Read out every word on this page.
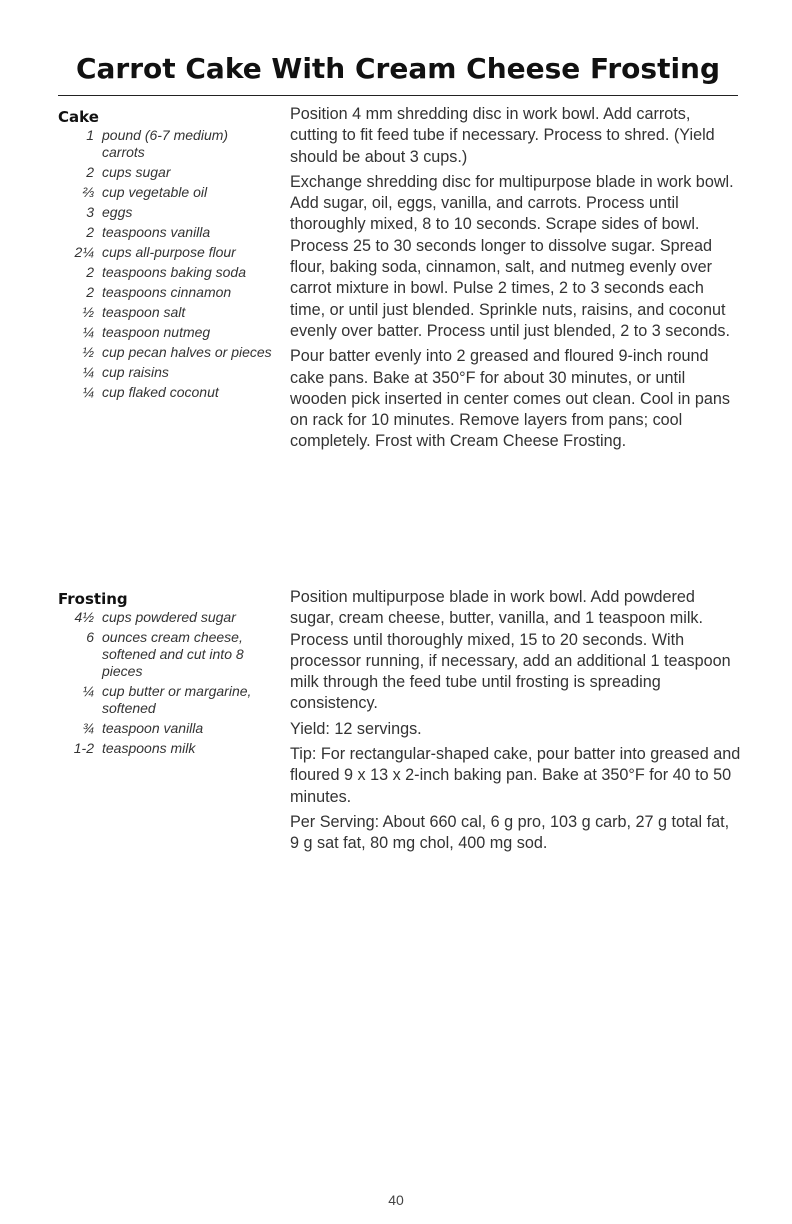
Carrot Cake With Cream Cheese Frosting
Cake
1 pound (6-7 medium) carrots
2 cups sugar
⅔ cup vegetable oil
3 eggs
2 teaspoons vanilla
2¼ cups all-purpose flour
2 teaspoons baking soda
2 teaspoons cinnamon
½ teaspoon salt
¼ teaspoon nutmeg
½ cup pecan halves or pieces
¼ cup raisins
¼ cup flaked coconut

Position 4 mm shredding disc in work bowl. Add carrots, cutting to fit feed tube if necessary. Process to shred. (Yield should be about 3 cups.)

Exchange shredding disc for multipurpose blade in work bowl. Add sugar, oil, eggs, vanilla, and carrots. Process until thoroughly mixed, 8 to 10 seconds. Scrape sides of bowl. Process 25 to 30 seconds longer to dissolve sugar. Spread flour, baking soda, cinnamon, salt, and nutmeg evenly over carrot mixture in bowl. Pulse 2 times, 2 to 3 seconds each time, or until just blended. Sprinkle nuts, raisins, and coconut evenly over batter. Process until just blended, 2 to 3 seconds.

Pour batter evenly into 2 greased and floured 9-inch round cake pans. Bake at 350°F for about 30 minutes, or until wooden pick inserted in center comes out clean. Cool in pans on rack for 10 minutes. Remove layers from pans; cool completely. Frost with Cream Cheese Frosting.

Frosting
4½ cups powdered sugar
6 ounces cream cheese, softened and cut into 8 pieces
¼ cup butter or margarine, softened
¾ teaspoon vanilla
1-2 teaspoons milk

Position multipurpose blade in work bowl. Add powdered sugar, cream cheese, butter, vanilla, and 1 teaspoon milk. Process until thoroughly mixed, 15 to 20 seconds. With processor running, if necessary, add an additional 1 teaspoon milk through the feed tube until frosting is spreading consistency.

Yield: 12 servings.

Tip: For rectangular-shaped cake, pour batter into greased and floured 9 x 13 x 2-inch baking pan. Bake at 350°F for 40 to 50 minutes.

Per Serving: About 660 cal, 6 g pro, 103 g carb, 27 g total fat, 9 g sat fat, 80 mg chol, 400 mg sod.

40
